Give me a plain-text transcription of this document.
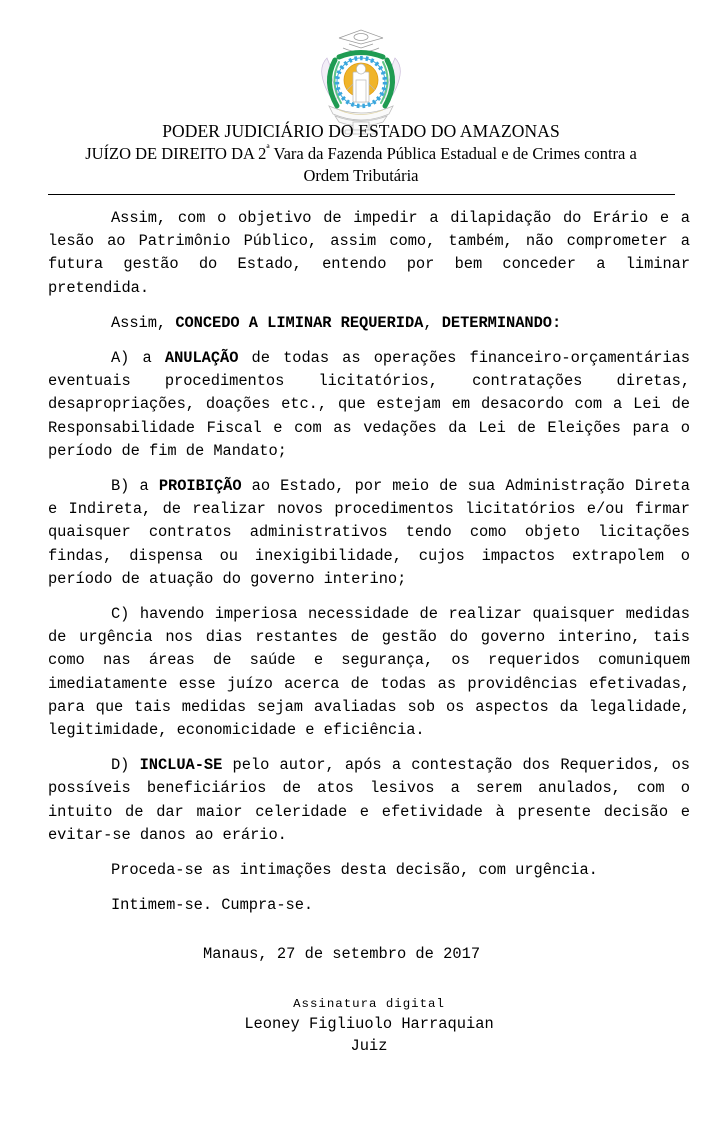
PODER JUDICIÁRIO DO ESTADO DO AMAZONAS
JUÍZO DE DIREITO DA $2^ª$ Vara da Fazenda Pública Estadual e de Crimes contra a
Ordem Tributária

Assim, com o objetivo de impedir a dilapidação do Erário e a lesão ao Patrimônio Público, assim como, também, não comprometer a futura gestão do Estado, entendo por bem conceder a liminar pretendida.

Assim, CONCEDO A LIMINAR REQUERIDA, DETERMINANDO:

A) a ANULAÇÃO de todas as operações financeiro-orçamentárias eventuais procedimentos licitatórios, contratações diretas, desapropriações, doações etc., que estejam em desacordo com a Lei de Responsabilidade Fiscal e com as vedações da Lei de Eleições para o período de fim de Mandato;

B) a PROIBIÇÃO ao Estado, por meio de sua Administração Direta e Indireta, de realizar novos procedimentos licitatórios e/ou firmar quaisquer contratos administrativos tendo como objeto licitações findas, dispensa ou inexigibilidade, cujos impactos extrapolem o período de atuação do governo interino;

C) havendo imperiosa necessidade de realizar quaisquer medidas de urgência nos dias restantes de gestão do governo interino, tais como nas áreas de saúde e segurança, os requeridos comuniquem imediatamente esse juízo acerca de todas as providências efetivadas, para que tais medidas sejam avaliadas sob os aspectos da legalidade, legitimidade, economicidade e eficiência.

D) INCLUA-SE pelo autor, após a contestação dos Requeridos, os possíveis beneficiários de atos lesivos a serem anulados, com o intuito de dar maior celeridade e efetividade à presente decisão e evitar-se danos ao erário.

Proceda-se as intimações desta decisão, com urgência.

Intimem-se. Cumpra-se.

Manaus, 27 de setembro de 2017
Assinatura digital
Leoney Figliuolo Harraquian
Juiz
